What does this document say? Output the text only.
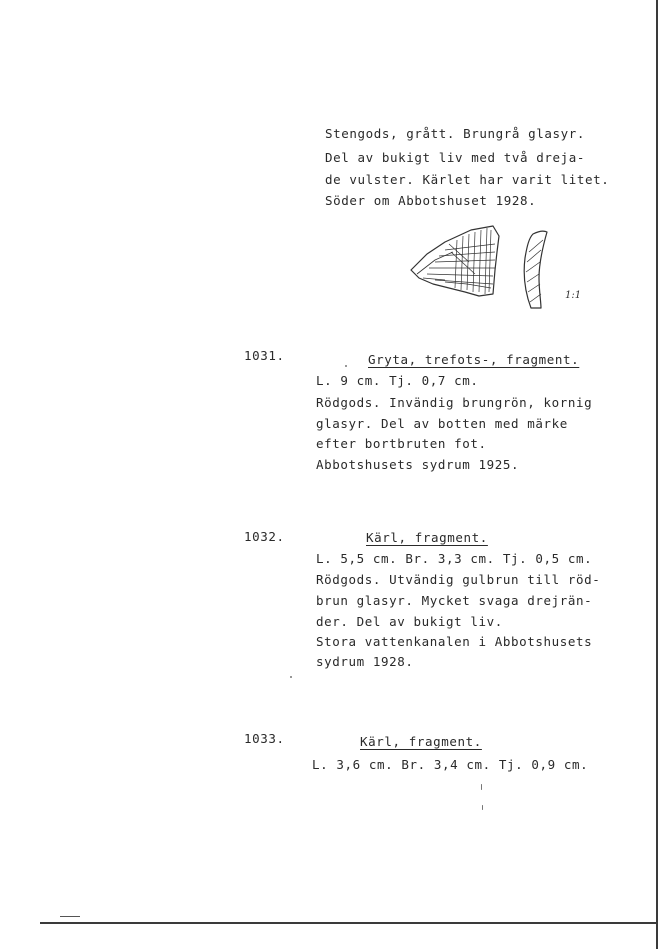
Stengods, grått. Brungrå glasyr.
Del av bukigt liv med två dreja-
de vulster. Kärlet har varit litet.
Söder om Abbotshuset 1928.
1:1
1031.	Gryta, trefots-, fragment.
L. 9 cm. Tj. 0,7 cm.
Rödgods. Invändig brungrön, kornig
glasyr. Del av botten med märke
efter bortbruten fot.
Abbotshusets sydrum 1925.
1032.	Kärl, fragment.
L. 5,5 cm. Br. 3,3 cm. Tj. 0,5 cm.
Rödgods. Utvändig gulbrun till röd-
brun glasyr. Mycket svaga drejrän-
der. Del av bukigt liv.
Stora vattenkanalen i Abbotshusets
sydrum 1928.
1033.	Kärl, fragment.
L. 3,6 cm. Br. 3,4 cm. Tj. 0,9 cm.
